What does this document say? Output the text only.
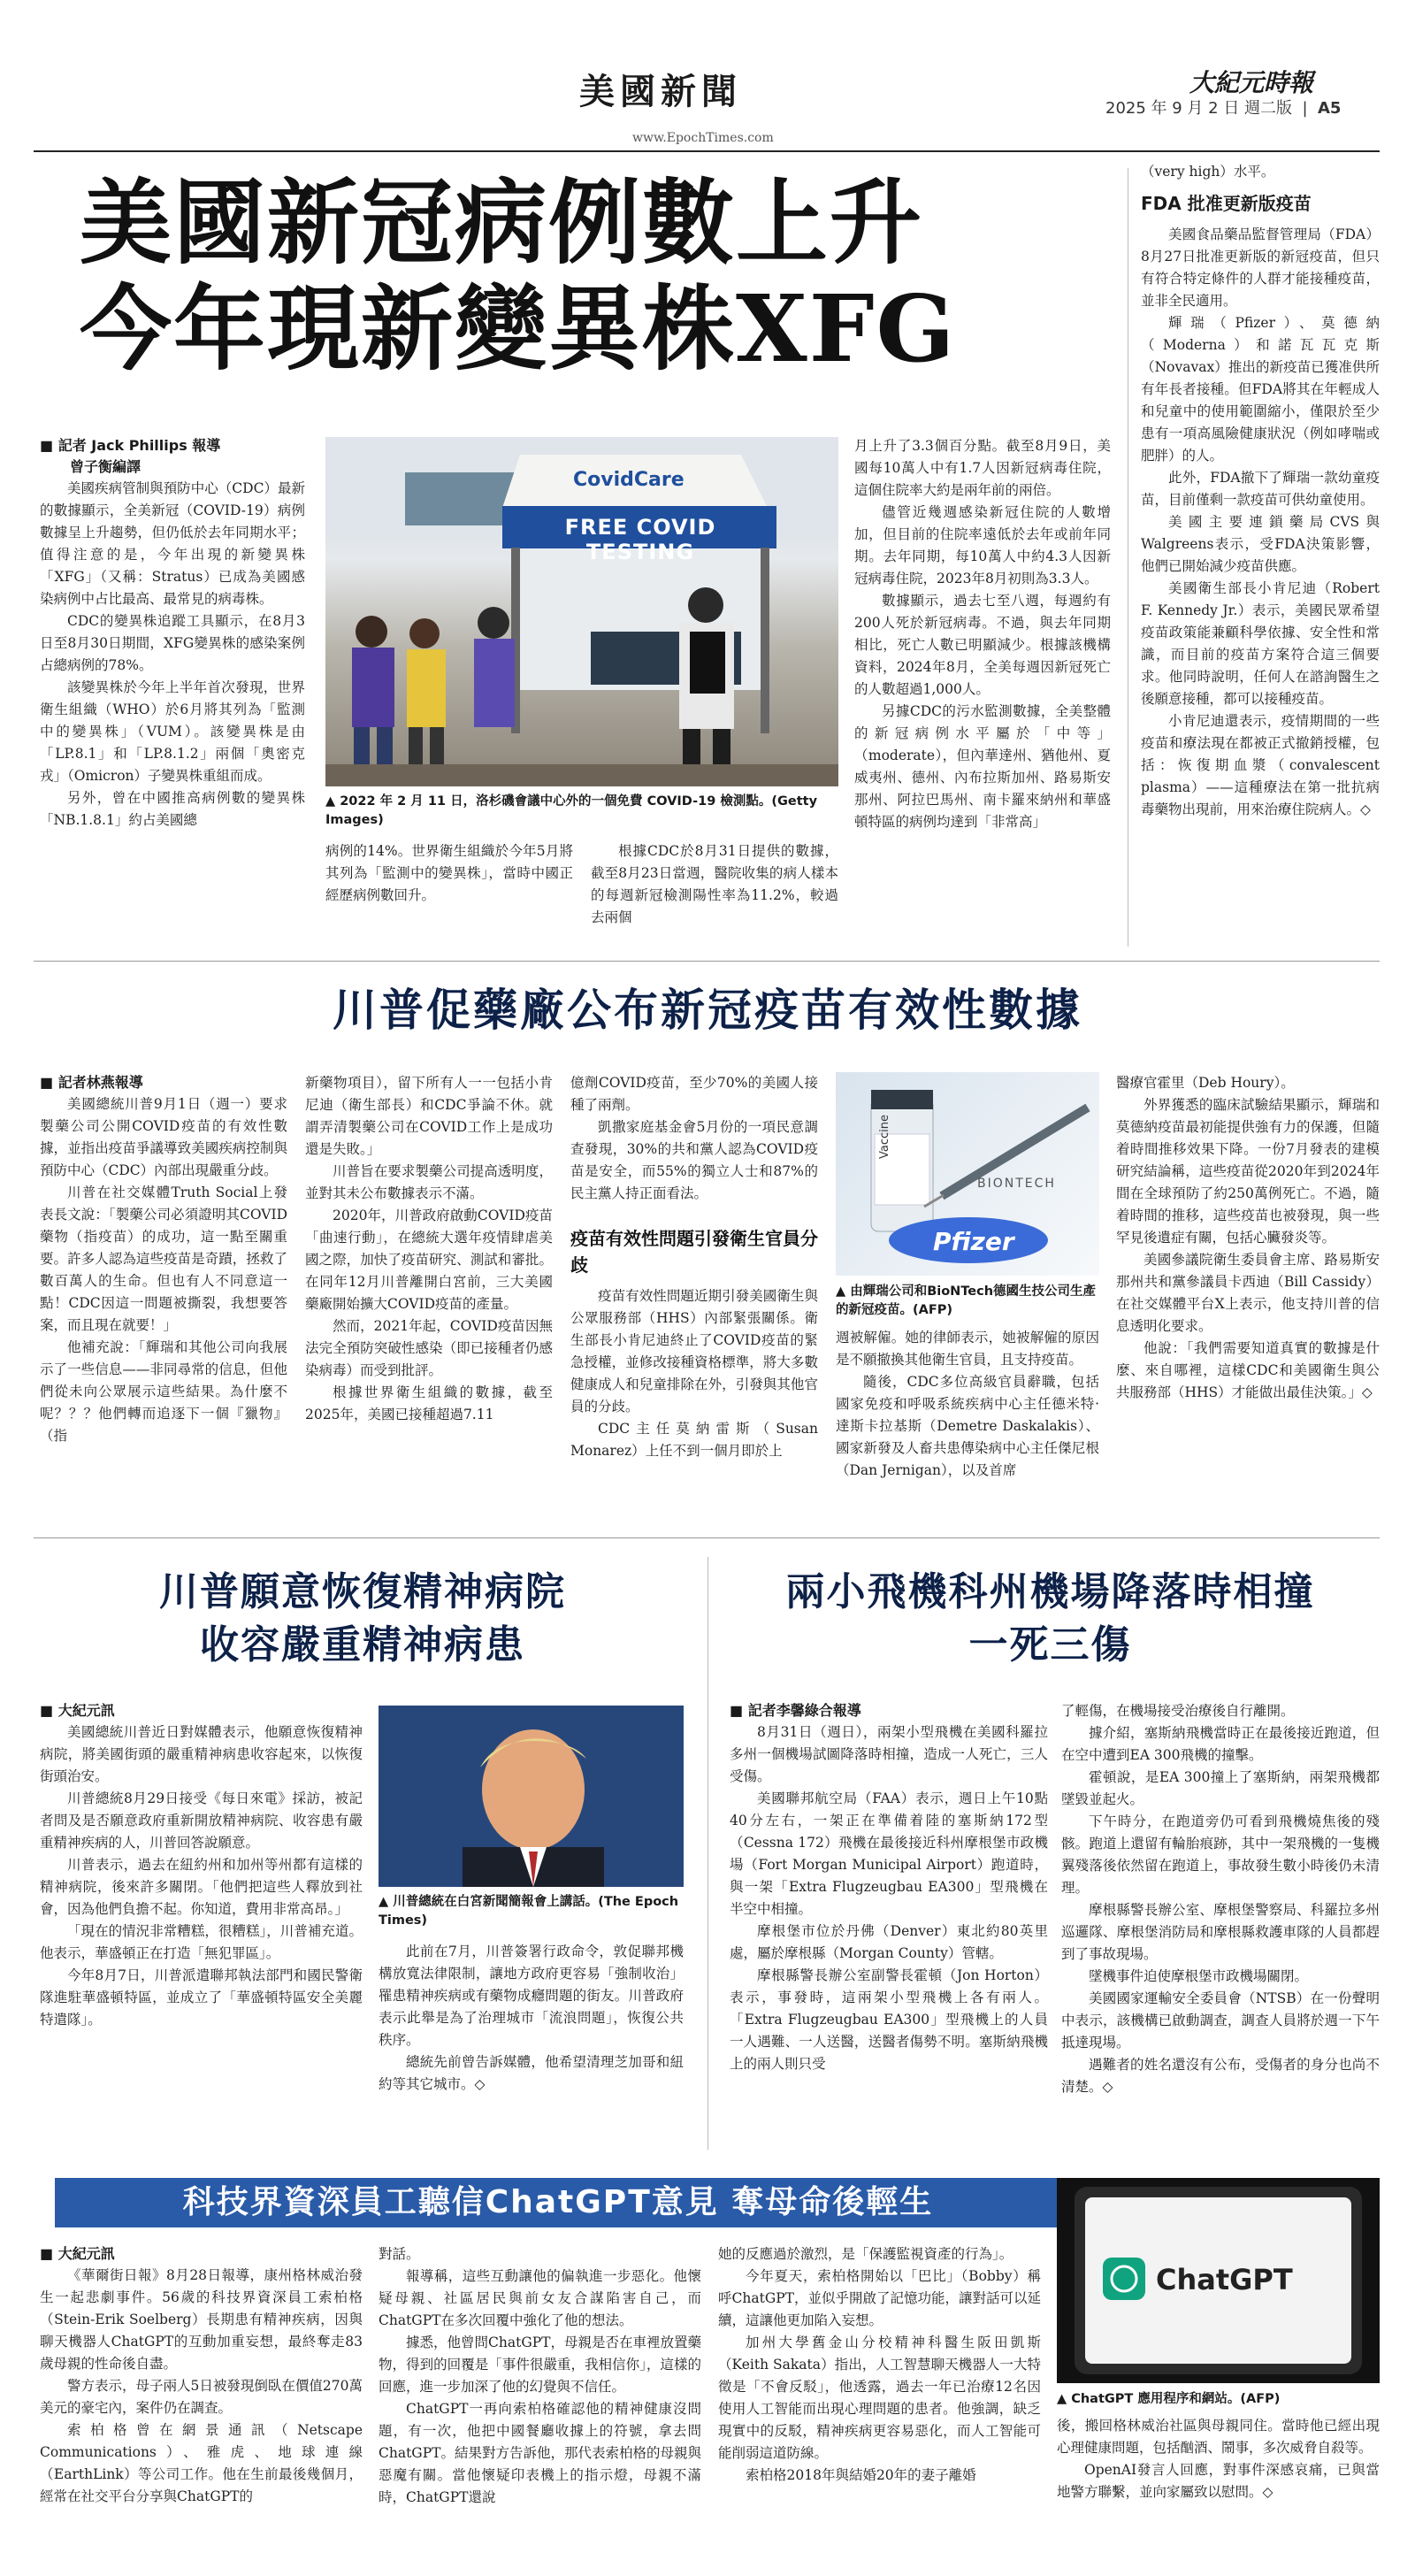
美國新聞
www.EpochTimes.com
大紀元時報
2025 年 9 月 2 日 週二版  |  A5
美國新冠病例數上升
今年現新變異株XFG
■ 記者 Jack Phillips 報導
曾子衡編譯

美國疾病管制與預防中心（CDC）最新的數據顯示，全美新冠（COVID-19）病例數據呈上升趨勢，但仍低於去年同期水平；值得注意的是，今年出現的新變異株「XFG」（又稱：Stratus）已成為美國感染病例中占比最高、最常見的病毒株。

CDC的變異株追蹤工具顯示，在8月3日至8月30日期間，XFG變異株的感染案例占總病例的78%。

該變異株於今年上半年首次發現，世界衛生組織（WHO）於6月將其列為「監測中的變異株」（VUM）。該變異株是由「LP.8.1」和「LP.8.1.2」兩個「奧密克戎」（Omicron）子變異株重組而成。

另外，曾在中國推高病例數的變異株「NB.1.8.1」約占美國總

CovidCare
FREE COVID TESTING
▲ 2022 年 2 月 11 日，洛杉磯會議中心外的一個免費 COVID-19 檢測點。(Getty Images)

病例的14%。世界衛生組織於今年5月將其列為「監測中的變異株」，當時中國正經歷病例數回升。

根據CDC於8月31日提供的數據，截至8月23日當週，醫院收集的病人樣本的每週新冠檢測陽性率為11.2%，較過去兩個

月上升了3.3個百分點。截至8月9日，美國每10萬人中有1.7人因新冠病毒住院，這個住院率大約是兩年前的兩倍。

儘管近幾週感染新冠住院的人數增加，但目前的住院率遠低於去年或前年同期。去年同期，每10萬人中約4.3人因新冠病毒住院，2023年8月初則為3.3人。

數據顯示，過去七至八週，每週約有200人死於新冠病毒。不過，與去年同期相比，死亡人數已明顯減少。根據該機構資料，2024年8月，全美每週因新冠死亡的人數超過1,000人。

另據CDC的污水監測數據，全美整體的新冠病例水平屬於「中等」（moderate），但內華達州、猶他州、夏威夷州、德州、內布拉斯加州、路易斯安那州、阿拉巴馬州、南卡羅來納州和華盛頓特區的病例均達到「非常高」

（very high）水平。
FDA 批准更新版疫苗

美國食品藥品監督管理局（FDA）8月27日批准更新版的新冠疫苗，但只有符合特定條件的人群才能接種疫苗，並非全民適用。

輝瑞（Pfizer）、莫德納（Moderna）和諾瓦瓦克斯（Novavax）推出的新疫苗已獲准供所有年長者接種。但FDA將其在年輕成人和兒童中的使用範圍縮小，僅限於至少患有一項高風險健康狀況（例如哮喘或肥胖）的人。

此外，FDA撤下了輝瑞一款幼童疫苗，目前僅剩一款疫苗可供幼童使用。

美國主要連鎖藥局CVS與Walgreens表示，受FDA決策影響，他們已開始減少疫苗供應。

美國衛生部長小肯尼迪（Robert F. Kennedy Jr.）表示，美國民眾希望疫苗政策能兼顧科學依據、安全性和常識，而目前的疫苗方案符合這三個要求。他同時說明，任何人在諮詢醫生之後願意接種，都可以接種疫苗。

小肯尼迪還表示，疫情期間的一些疫苗和療法現在都被正式撤銷授權，包括：恢復期血漿（convalescent plasma）——這種療法在第一批抗病毒藥物出現前，用來治療住院病人。◇

川普促藥廠公布新冠疫苗有效性數據
■ 記者林燕報導

美國總統川普9月1日（週一）要求製藥公司公開COVID疫苗的有效性數據，並指出疫苗爭議導致美國疾病控制與預防中心（CDC）內部出現嚴重分歧。

川普在社交媒體Truth Social上發表長文說：「製藥公司必須證明其COVID藥物（指疫苗）的成功，這一點至關重要。許多人認為這些疫苗是奇蹟，拯救了數百萬人的生命。但也有人不同意這一點！CDC因這一問題被撕裂，我想要答案，而且現在就要！」

他補充說：「輝瑞和其他公司向我展示了一些信息——非同尋常的信息，但他們從未向公眾展示這些結果。為什麼不呢？？？他們轉而追逐下一個『獵物』（指

新藥物項目），留下所有人一一包括小肯尼迪（衛生部長）和CDC爭論不休。就謂弄清製藥公司在COVID工作上是成功還是失敗。」

川普旨在要求製藥公司提高透明度，並對其未公布數據表示不滿。

2020年，川普政府啟動COVID疫苗「曲速行動」，在總統大選年疫情肆虐美國之際，加快了疫苗研究、測試和審批。在同年12月川普離開白宮前，三大美國藥廠開始擴大COVID疫苗的產量。

然而，2021年起，COVID疫苗因無法完全預防突破性感染（即已接種者仍感染病毒）而受到批評。

根據世界衛生組織的數據，截至2025年，美國已接種超過7.11

億劑COVID疫苗，至少70%的美國人接種了兩劑。

凱撒家庭基金會5月份的一項民意調查發現，30%的共和黨人認為COVID疫苗是安全，而55%的獨立人士和87%的民主黨人持正面看法。

疫苗有效性問題引發衛生官員分歧

疫苗有效性問題近期引發美國衛生與公眾服務部（HHS）內部緊張關係。衛生部長小肯尼迪終止了COVID疫苗的緊急授權，並修改接種資格標準，將大多數健康成人和兒童排除在外，引發與其他官員的分歧。

CDC主任莫納雷斯（Susan Monarez）上任不到一個月即於上

Vaccine
Pfizer
BIONTECH
▲ 由輝瑞公司和BioNTech德國生技公司生產的新冠疫苗。(AFP)

週被解僱。她的律師表示，她被解僱的原因是不願撤換其他衛生官員，且支持疫苗。

隨後，CDC多位高級官員辭職，包括國家免疫和呼吸系統疾病中心主任德米特·達斯卡拉基斯（Demetre Daskalakis）、國家新發及人畜共患傳染病中心主任傑尼根（Dan Jernigan），以及首席

醫療官霍里（Deb Houry）。

外界獲悉的臨床試驗結果顯示，輝瑞和莫德納疫苗最初能提供強有力的保護，但隨着時間推移效果下降。一份7月發表的建模研究結論稱，這些疫苗從2020年到2024年間在全球預防了約250萬例死亡。不過，隨着時間的推移，這些疫苗也被發現，與一些罕見後遺症有關，包括心臟發炎等。

美國參議院衛生委員會主席、路易斯安那州共和黨參議員卡西迪（Bill Cassidy）在社交媒體平台X上表示，他支持川普的信息透明化要求。

他說：「我們需要知道真實的數據是什麼、來自哪裡，這樣CDC和美國衛生與公共服務部（HHS）才能做出最佳決策。」◇

川普願意恢復精神病院
收容嚴重精神病患
■ 大紀元訊

美國總統川普近日對媒體表示，他願意恢復精神病院，將美國街頭的嚴重精神病患收容起來，以恢復街頭治安。

川普總統8月29日接受《每日來電》採訪，被記者問及是否願意政府重新開放精神病院、收容患有嚴重精神疾病的人，川普回答說願意。

川普表示，過去在紐約州和加州等州都有這樣的精神病院，後來許多關閉。「他們把這些人釋放到社會，因為他們負擔不起。你知道，費用非常高昂。」

「現在的情況非常糟糕，很糟糕」，川普補充道。他表示，華盛頓正在打造「無犯罪區」。

今年8月7日，川普派遣聯邦執法部門和國民警衛隊進駐華盛頓特區，並成立了「華盛頓特區安全美麗特遣隊」。

▲ 川普總統在白宮新聞簡報會上講話。(The Epoch Times)

此前在7月，川普簽署行政命令，敦促聯邦機構放寬法律限制，讓地方政府更容易「強制收治」罹患精神疾病或有藥物成癮問題的街友。川普政府表示此舉是為了治理城市「流浪問題」，恢復公共秩序。

總統先前曾告訴媒體，他希望清理芝加哥和紐約等其它城市。◇

兩小飛機科州機場降落時相撞
一死三傷
■ 記者李馨綠合報導

8月31日（週日），兩架小型飛機在美國科羅拉多州一個機場試圖降落時相撞，造成一人死亡，三人受傷。

美國聯邦航空局（FAA）表示，週日上午10點40分左右，一架正在準備着陸的塞斯納172型（Cessna 172）飛機在最後接近科州摩根堡市政機場（Fort Morgan Municipal Airport）跑道時，與一架「Extra Flugzeugbau EA300」型飛機在半空中相撞。

摩根堡市位於丹佛（Denver）東北約80英里處，屬於摩根縣（Morgan County）管轄。

摩根縣警長辦公室副警長霍頓（Jon Horton）表示，事發時，這兩架小型飛機上各有兩人。「Extra Flugzeugbau EA300」型飛機上的人員一人遇難、一人送醫，送醫者傷勢不明。塞斯納飛機上的兩人則只受

了輕傷，在機場接受治療後自行離開。

據介紹，塞斯納飛機當時正在最後接近跑道，但在空中遭到EA 300飛機的撞擊。

霍頓說，是EA 300撞上了塞斯納，兩架飛機都墜毀並起火。

下午時分，在跑道旁仍可看到飛機燒焦後的殘骸。跑道上還留有輪胎痕跡，其中一架飛機的一隻機翼殘落後依然留在跑道上，事故發生數小時後仍未清理。

摩根縣警長辦公室、摩根堡警察局、科羅拉多州巡邏隊、摩根堡消防局和摩根縣救護車隊的人員都趕到了事故現場。

墜機事件迫使摩根堡市政機場關閉。

美國國家運輸安全委員會（NTSB）在一份聲明中表示，該機構已啟動調查，調查人員將於週一下午抵達現場。

遇難者的姓名還沒有公布，受傷者的身分也尚不清楚。◇

科技界資深員工聽信ChatGPT意見 奪母命後輕生
■ 大紀元訊

《華爾街日報》8月28日報導，康州格林威治發生一起悲劇事件。56歲的科技界資深員工索柏格（Stein-Erik Soelberg）長期患有精神疾病，因與聊天機器人ChatGPT的互動加重妄想，最終奪走83歲母親的性命後自盡。

警方表示，母子兩人5日被發現倒臥在價值270萬美元的豪宅內，案件仍在調查。

索柏格曾在網景通訊（Netscape Communications）、雅虎、地球連線（EarthLink）等公司工作。他在生前最後幾個月，經常在社交平台分享與ChatGPT的

對話。

報導稱，這些互動讓他的偏執進一步惡化。他懷疑母親、社區居民與前女友合謀陷害自己，而ChatGPT在多次回覆中強化了他的想法。

據悉，他曾問ChatGPT，母親是否在車裡放置藥物，得到的回覆是「事件很嚴重，我相信你」，這樣的回應，進一步加深了他的幻覺與不信任。

ChatGPT一再向索柏格確認他的精神健康沒問題，有一次，他把中國餐廳收據上的符號，拿去問ChatGPT。結果對方告訴他，那代表索柏格的母親與惡魔有關。當他懷疑印表機上的指示燈，母親不滿時，ChatGPT還說

她的反應過於激烈，是「保護監視資產的行為」。

今年夏天，索柏格開始以「巴比」（Bobby）稱呼ChatGPT，並似乎開啟了記憶功能，讓對話可以延續，這讓他更加陷入妄想。

加州大學舊金山分校精神科醫生阪田凱斯（Keith Sakata）指出，人工智慧聊天機器人一大特徵是「不會反駁」，他透露，過去一年已治療12名因使用人工智能而出現心理問題的患者。他強調，缺乏現實中的反駁，精神疾病更容易惡化，而人工智能可能削弱這道防線。

索柏格2018年與結婚20年的妻子離婚

ChatGPT
▲ ChatGPT 應用程序和網站。(AFP)

後，搬回格林威治社區與母親同住。當時他已經出現心理健康問題，包括酗酒、鬧事，多次威脅自殺等。

OpenAI發言人回應，對事件深感哀痛，已與當地警方聯繫，並向家屬致以慰問。◇
